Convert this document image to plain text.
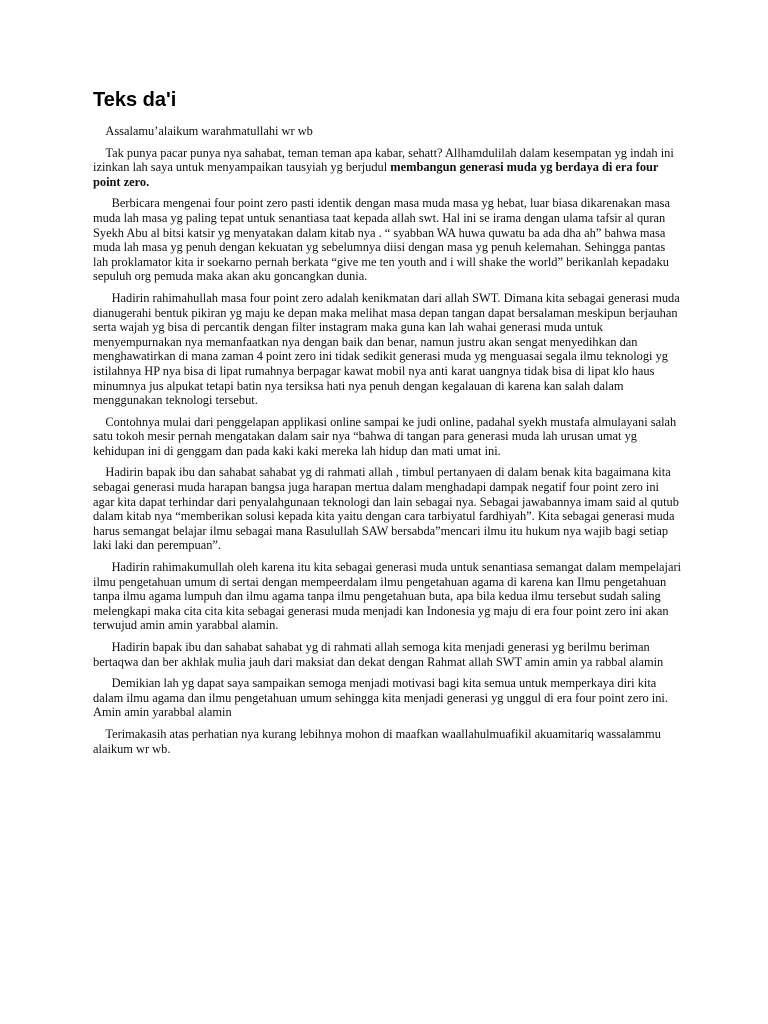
Teks da'i

Assalamu’alaikum warahmatullahi wr wb

Tak punya pacar punya nya sahabat, teman teman apa kabar, sehatt? Allhamdulilah dalam kesempatan yg indah ini izinkan lah saya untuk menyampaikan tausyiah yg berjudul membangun generasi muda yg berdaya di era four point zero.

Berbicara mengenai four point zero pasti identik dengan masa muda masa yg hebat, luar biasa dikarenakan masa muda lah masa yg paling tepat untuk senantiasa taat kepada allah swt. Hal ini se irama dengan ulama tafsir al quran Syekh Abu al bitsi katsir yg menyatakan dalam kitab nya . “ syabban WA huwa quwatu ba ada dha ah” bahwa masa muda lah masa yg penuh dengan kekuatan yg sebelumnya diisi dengan masa yg penuh kelemahan. Sehingga pantas lah proklamator kita ir soekarno pernah berkata “give me ten youth and i will shake the world” berikanlah kepadaku sepuluh org pemuda maka akan aku goncangkan dunia.

Hadirin rahimahullah masa four point zero adalah kenikmatan dari allah SWT. Dimana kita sebagai generasi muda dianugerahi bentuk pikiran yg maju ke depan maka melihat masa depan tangan dapat bersalaman meskipun berjauhan serta wajah yg bisa di percantik dengan filter instagram maka guna kan lah wahai generasi muda untuk menyempurnakan nya memanfaatkan nya dengan baik dan benar, namun justru akan sengat menyedihkan dan menghawatirkan di mana zaman 4 point zero ini tidak sedikit generasi muda yg menguasai segala ilmu teknologi yg istilahnya HP nya bisa di lipat rumahnya berpagar kawat mobil nya anti karat uangnya tidak bisa di lipat klo haus minumnya jus alpukat tetapi batin nya tersiksa hati nya penuh dengan kegalauan di karena kan salah dalam menggunakan teknologi tersebut.

Contohnya mulai dari penggelapan applikasi online sampai ke judi online, padahal syekh mustafa almulayani salah satu tokoh mesir pernah mengatakan dalam sair nya “bahwa di tangan para generasi muda lah urusan umat yg kehidupan ini di genggam dan pada kaki kaki mereka lah hidup dan mati umat ini.

Hadirin bapak ibu dan sahabat sahabat yg di rahmati allah , timbul pertanyaen di dalam benak kita bagaimana kita sebagai generasi muda harapan bangsa juga harapan mertua dalam menghadapi dampak negatif four point zero ini agar kita dapat terhindar dari penyalahgunaan teknologi dan lain sebagai nya. Sebagai jawabannya imam said al qutub dalam kitab nya “memberikan solusi kepada kita yaitu dengan cara tarbiyatul fardhiyah”. Kita sebagai generasi muda harus semangat belajar ilmu sebagai mana Rasulullah SAW bersabda”mencari ilmu itu hukum nya wajib bagi setiap laki laki dan perempuan”.

Hadirin rahimakumullah oleh karena itu kita sebagai generasi muda untuk senantiasa semangat dalam mempelajari ilmu pengetahuan umum di sertai dengan mempeerdalam ilmu pengetahuan agama di karena kan Ilmu pengetahuan tanpa ilmu agama lumpuh dan ilmu agama tanpa ilmu pengetahuan buta, apa bila kedua ilmu tersebut sudah saling melengkapi maka cita cita kita sebagai generasi muda menjadi kan Indonesia yg maju di era four point zero ini akan terwujud amin amin yarabbal alamin.

Hadirin bapak ibu dan sahabat sahabat yg di rahmati allah semoga kita menjadi generasi yg berilmu beriman bertaqwa dan ber akhlak mulia jauh dari maksiat dan dekat dengan Rahmat allah SWT amin amin ya rabbal alamin

Demikian lah yg dapat saya sampaikan semoga menjadi motivasi bagi kita semua untuk memperkaya diri kita dalam ilmu agama dan ilmu pengetahuan umum sehingga kita menjadi generasi yg unggul di era four point zero ini. Amin amin yarabbal alamin

Terimakasih atas perhatian nya kurang lebihnya mohon di maafkan waallahulmuafikil akuamitariq wassalammu alaikum wr wb.
